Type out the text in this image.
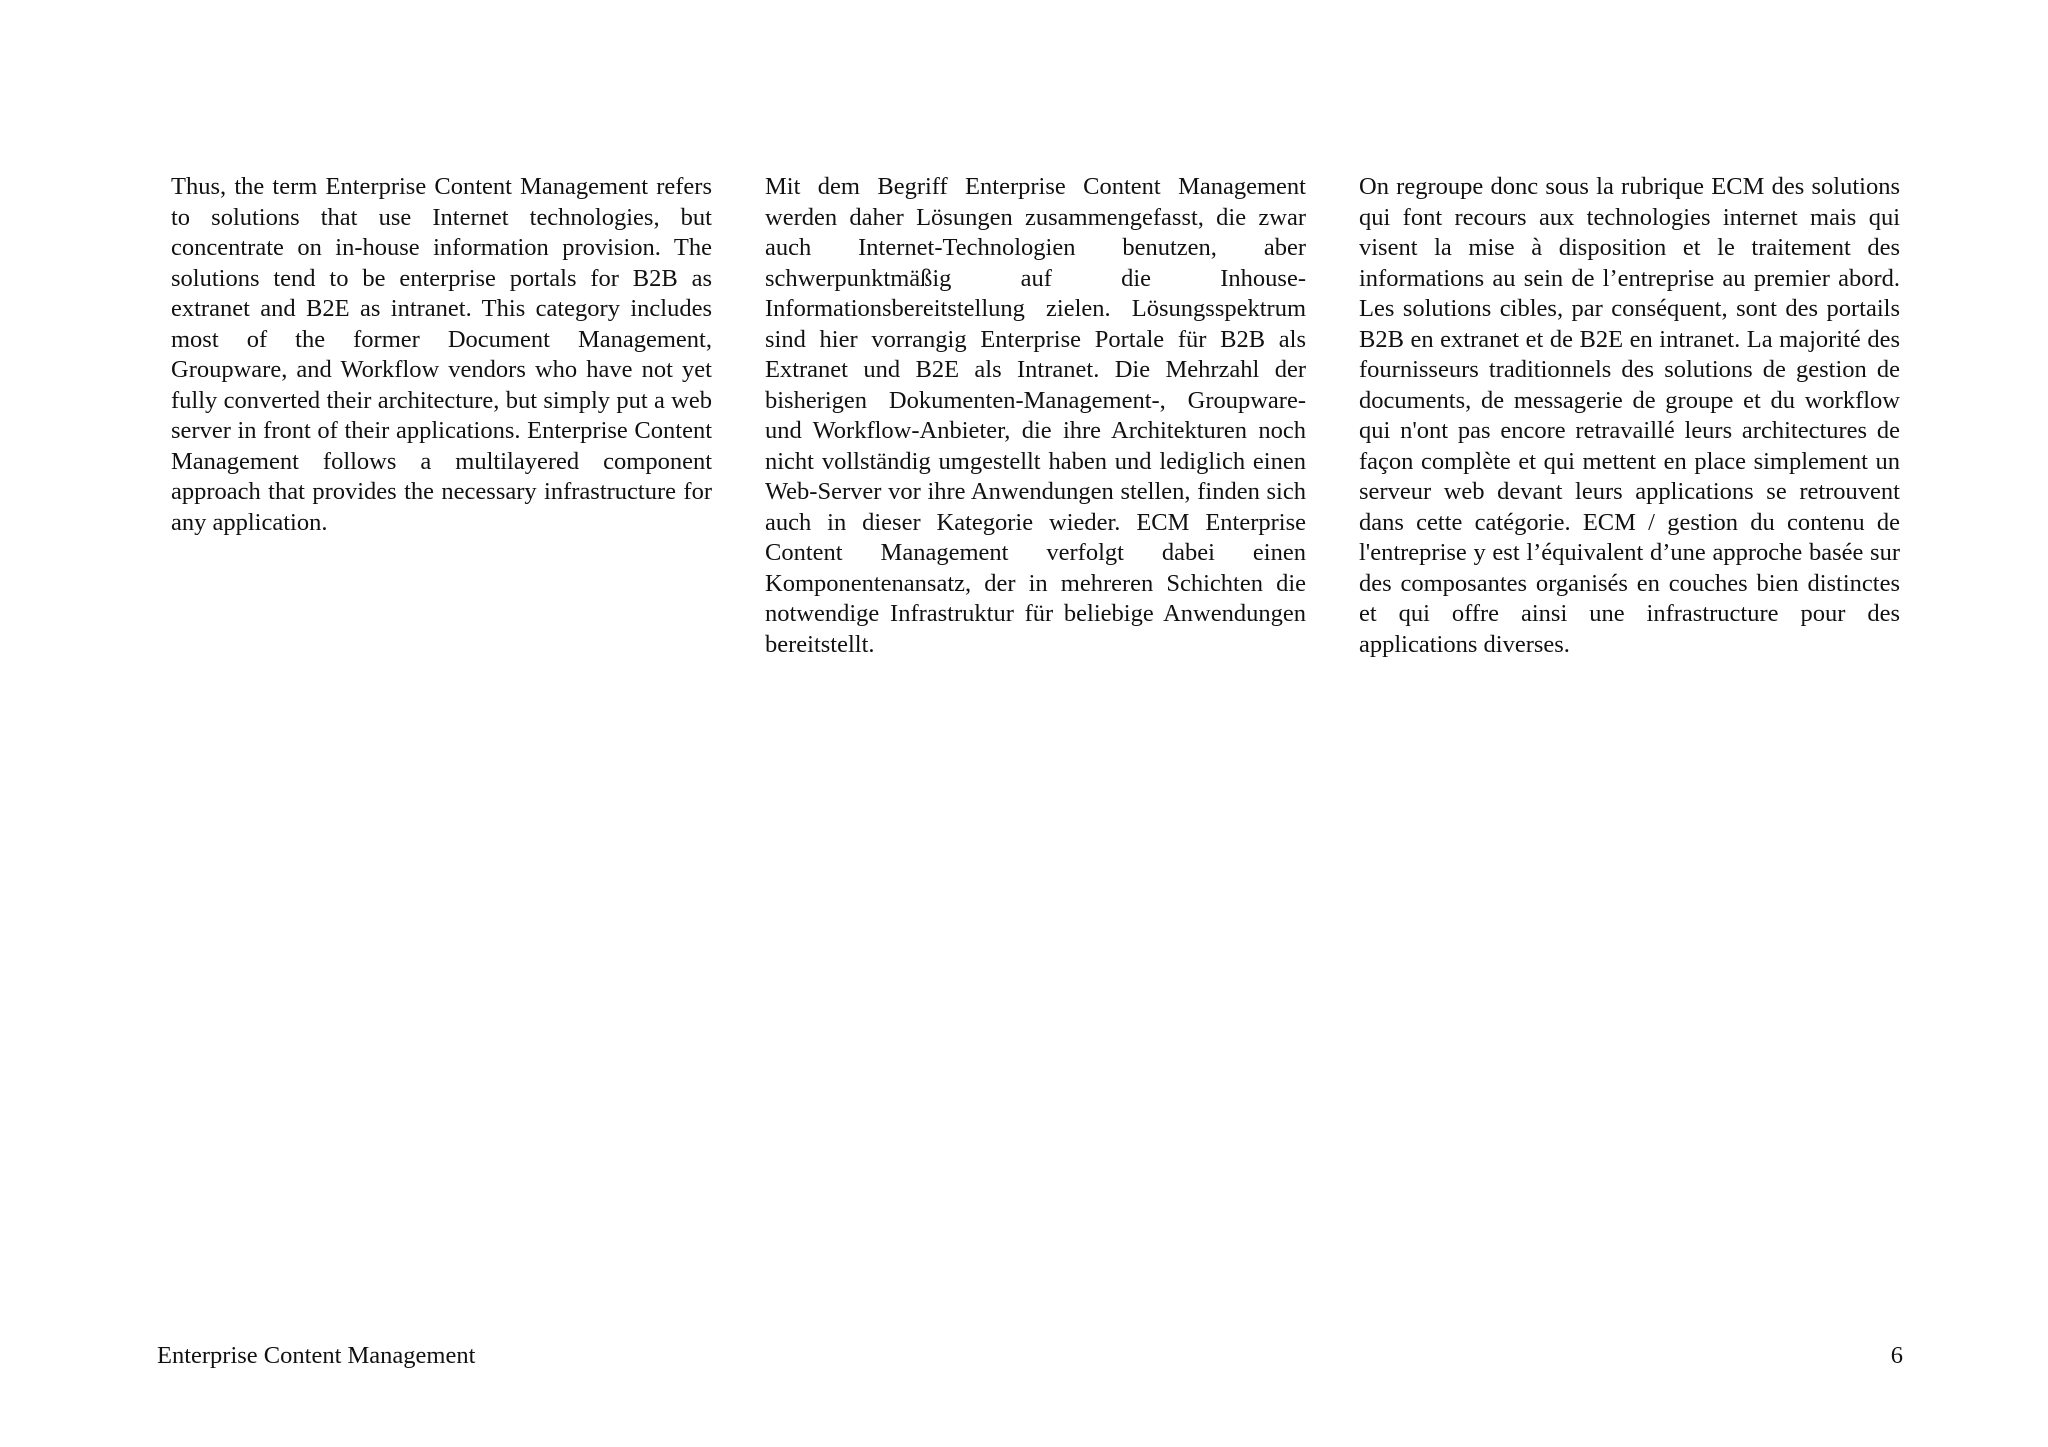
Thus, the term Enterprise Content Management refers to solutions that use Internet technologies, but concentrate on in-house information provision. The solutions tend to be enterprise portals for B2B as extranet and B2E as intranet. This category includes most of the former Document Management, Groupware, and Workflow vendors who have not yet fully converted their architecture, but simply put a web server in front of their applications. Enterprise Content Management follows a multilayered component approach that provides the necessary infrastructure for any application.
Mit dem Begriff Enterprise Content Management werden daher Lösungen zusammengefasst, die zwar auch Internet-Technologien benutzen, aber schwerpunktmäßig auf die Inhouse-Informationsbereitstellung zielen. Lösungsspektrum sind hier vorrangig Enterprise Portale für B2B als Extranet und B2E als Intranet. Die Mehrzahl der bisherigen Dokumenten-Management-, Groupware- und Workflow-Anbieter, die ihre Architekturen noch nicht vollständig umgestellt haben und lediglich einen Web-Server vor ihre Anwendungen stellen, finden sich auch in dieser Kategorie wieder. ECM Enterprise Content Management verfolgt dabei einen Komponentenansatz, der in mehreren Schichten die notwendige Infrastruktur für beliebige Anwendungen bereitstellt.
On regroupe donc sous la rubrique ECM des solutions qui font recours aux technologies internet mais qui visent la mise à disposition et le traitement des informations au sein de l’entreprise au premier abord. Les solutions cibles, par conséquent, sont des portails B2B en extranet et de B2E en intranet. La majorité des fournisseurs traditionnels des solutions de gestion de documents, de messagerie de groupe et du workflow qui n'ont pas encore retravaillé leurs architectures de façon complète et qui mettent en place simplement un serveur web devant leurs applications se retrouvent dans cette catégorie. ECM / gestion du contenu de l'entreprise y est l’équivalent d’une approche basée sur des composantes organisés en couches bien distinctes et qui offre ainsi une infrastructure pour des applications diverses.
Enterprise Content Management	6
